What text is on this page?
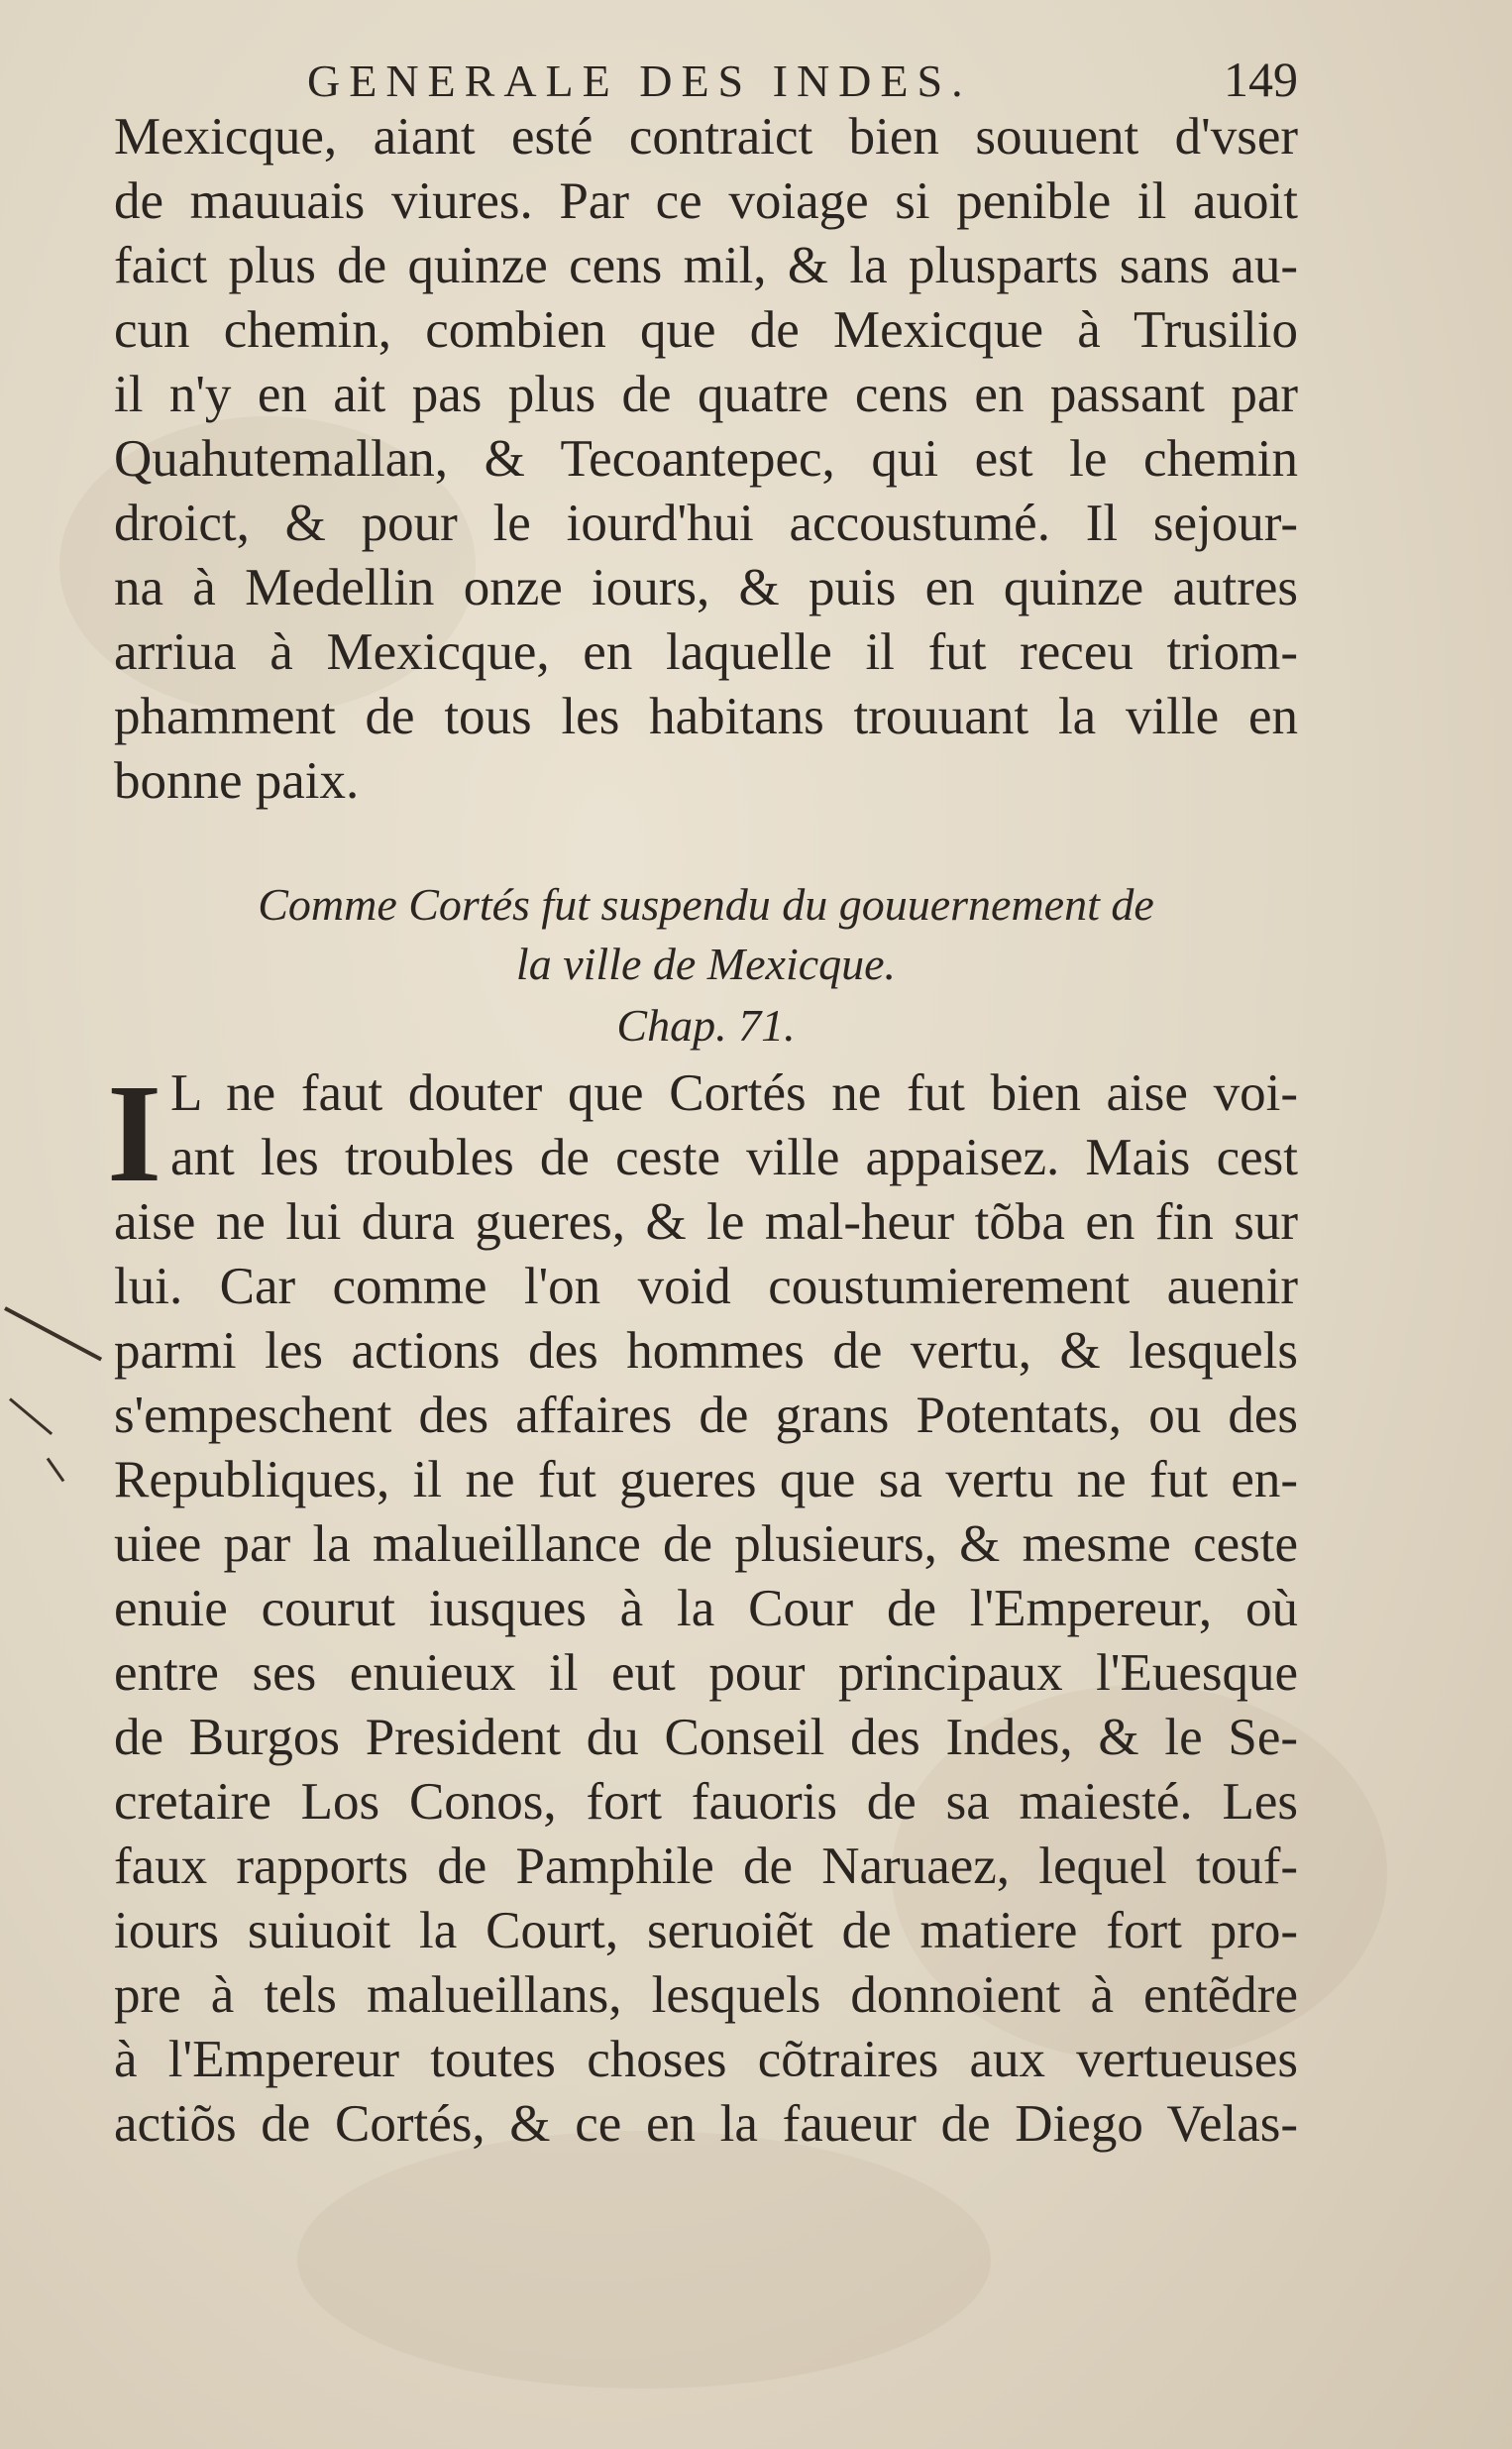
GENERALE DES INDES.	149
Mexicque, aiant esté contraict bien souuent d'vser
de mauuais viures. Par ce voiage si penible il auoit
faict plus de quinze cens mil, & la plusparts sans au-
cun chemin, combien que de Mexicque à Trusilio
il n'y en ait pas plus de quatre cens en passant par
Quahutemallan, & Tecoantepec, qui est le chemin
droict, & pour le iourd'hui accoustumé. Il sejour-
na à Medellin onze iours, & puis en quinze autres
arriua à Mexicque, en laquelle il fut receu triom-
phamment de tous les habitans trouuant la ville en
bonne paix.
Comme Cortés fut suspendu du gouuernement de
la ville de Mexicque.
Chap. 71.
I L ne faut douter que Cortés ne fut bien aise voi-
ant les troubles de ceste ville appaisez. Mais cest
aise ne lui dura gueres, & le mal-heur tõba en fin sur
lui. Car comme l'on void coustumierement auenir
parmi les actions des hommes de vertu, & lesquels
s'empeschent des affaires de grans Potentats, ou des
Republiques, il ne fut gueres que sa vertu ne fut en-
uiee par la malueillance de plusieurs, & mesme ceste
enuie courut iusques à la Cour de l'Empereur, où
entre ses enuieux il eut pour principaux l'Euesque
de Burgos President du Conseil des Indes, & le Se-
cretaire Los Conos, fort fauoris de sa maiesté. Les
faux rapports de Pamphile de Naruaez, lequel touf-
iours suiuoit la Court, seruoiẽt de matiere fort pro-
pre à tels malueillans, lesquels donnoient à entẽdre
à l'Empereur toutes choses cõtraires aux vertueuses
actiõs de Cortés, & ce en la faueur de Diego Velas-
